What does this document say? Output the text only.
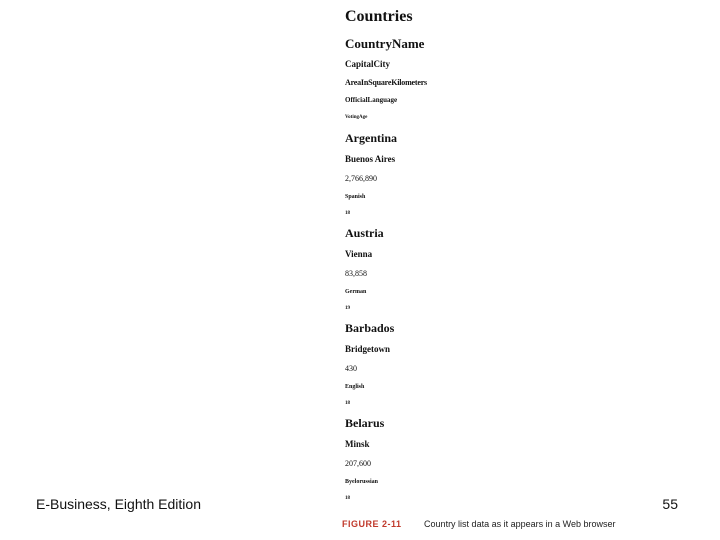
Countries
CountryName
CapitalCity
AreaInSquareKilometers
OfficialLanguage
VotingAge
Argentina
Buenos Aires
2,766,890
Spanish
18
Austria
Vienna
83,858
German
19
Barbados
Bridgetown
430
English
18
Belarus
Minsk
207,600
Byelorussian
18
FIGURE 2-11	Country list data as it appears in a Web browser
E-Business, Eighth Edition	55
